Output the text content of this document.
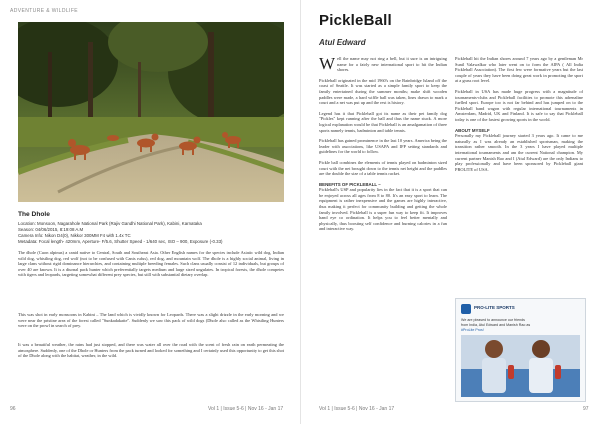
ADVENTURE & WILDLIFE
The Dhole
Location: Monsoon, Nagarahole National Park (Rajiv Gandhi National Park), Kabini, Karnataka
Season: 04/06/2015, 8:19:08 A.M
Camera Info: Nikon D4(0), Nikkor 300MM F4 with 1.4x TC
Metadata: Focal length- 420mm, Aperture- F/5.6, Shutter Speed - 1/640 sec, ISO – 900, Exposure (-0.33)

The dhole (Cuon alpinus) a canid native to Central, South and Southeast Asia. Other English names for the species include Asiatic wild dog, Indian wild dog, whistling dog, red wolf (not to be confused with Canis rufus), red dog, and mountain wolf. The dhole is a highly social animal, living in large clans without rigid dominance hierarchies, and containing multiple breeding females. Such clans usually consist of 12 individuals, but groups of over 40 are known. It is a diurnal pack hunter which preferentially targets medium and large sized ungulates. In tropical forests, the dhole competes with tigers and leopards, targeting somewhat different prey species, but still with substantial dietary overlap.

This was shot in early monsoons in Kabini – The land which is vividly known for Leopards. There was a slight drizzle in the early morning and we were near the pristine area of the forest called "Sunkadakatte". Suddenly we saw this pack of wild dogs (Dhole also called as the Whistling Hunters were on the prowl in search of prey.

It was a beautiful weather, the rains had just stopped, and there was water all over the road with the scent of fresh rain on earth permeating the atmosphere. Suddenly, one of the Dhole or Hunters from the pack turned and looked for something and I certainly used this opportunity to get this shot of the Dhole along with the habitat, weather, in the wild.

96	Vol 1 | Issue 5-6 | Nov 16 - Jan 17
PickleBall
Atul Edward

Well the name may not ring a bell, but it sure is an intriguing name for a fairly new international sport to hit the Indian shores.

Pickleball originated in the mid 1960's on the Bainbridge Island off the coast of Seattle. It was started as a simple family sport to keep the family entertained during the summer months; make shift wooden paddles were made, a hard wiffle ball was taken, lines drawn to mark a court and a net was put up and the rest is history.

Legend has it that Pickleball got its name as their pet family dog "Pickles" kept running after the ball and thus the name stuck. A more logical explanation would be that Pickleball is an amalgamation of three sports namely tennis, badminton and table tennis.

Pickleball has gained prominence in the last 10 years. America being the leader with associations, like USAPA and IFP setting standards and guidelines for the world to follow.

Pickle ball combines the elements of tennis played on badminton sized court with the net brought down to the tennis net height and the paddles are the double the size of a table tennis racket.

BENEFITS OF PICKLEBALL –
Pickleball's USP and popularity lies in the fact that it is a sport that can be enjoyed across all ages from 8 to 80. It's an easy sport to learn. The equipment is rather inexpensive and the games are highly interactive, thus making it perfect for community building and getting the whole family involved. Pickleball is a super fun way to keep fit. It improves hand eye co ordination. It helps you to feel better mentally and physically, thus boosting self confidence and burning calories in a fun and interactive way.

Pickleball hit the Indian shores around 7 years ago by a gentleman Mr Sunil Valawalkar who later went on to form the AIPA ( All India Pickleball Association). The first few were formative years but the last couple of years they have been doing great work in promoting the sport at a grass root level.

Pickleball in USA has made huge progress with a magnitude of tournaments-clubs and Pickleball facilities to promote this adrenaline fuelled sport. Europe too is not far behind and has jumped on to the Pickleball band wagon with regular international tournaments in Amsterdam, Madrid, UK and Finland. It is safe to say that Pickleball today is one of the fastest growing sports in the world.

ABOUT MYSELF
Personally my Pickleball journey started 3 years ago. It came to me naturally as I was already an established sportsman, making the transition rather smooth. In the 3 years I have played multiple international tournaments and am the current National champion. My current partner Manish Rao and I (Atul Edward) are the only Indians to play professionally and have been sponsored by Pickleball giant PROLITE of USA.

PRO-LITE SPORTS
We are pleased to announce our friends
from India, Atul Edward and Manish Rao as
#ProLite Pros!
Vol 1 | Issue 5-6 | Nov 16 - Jan 17	97
